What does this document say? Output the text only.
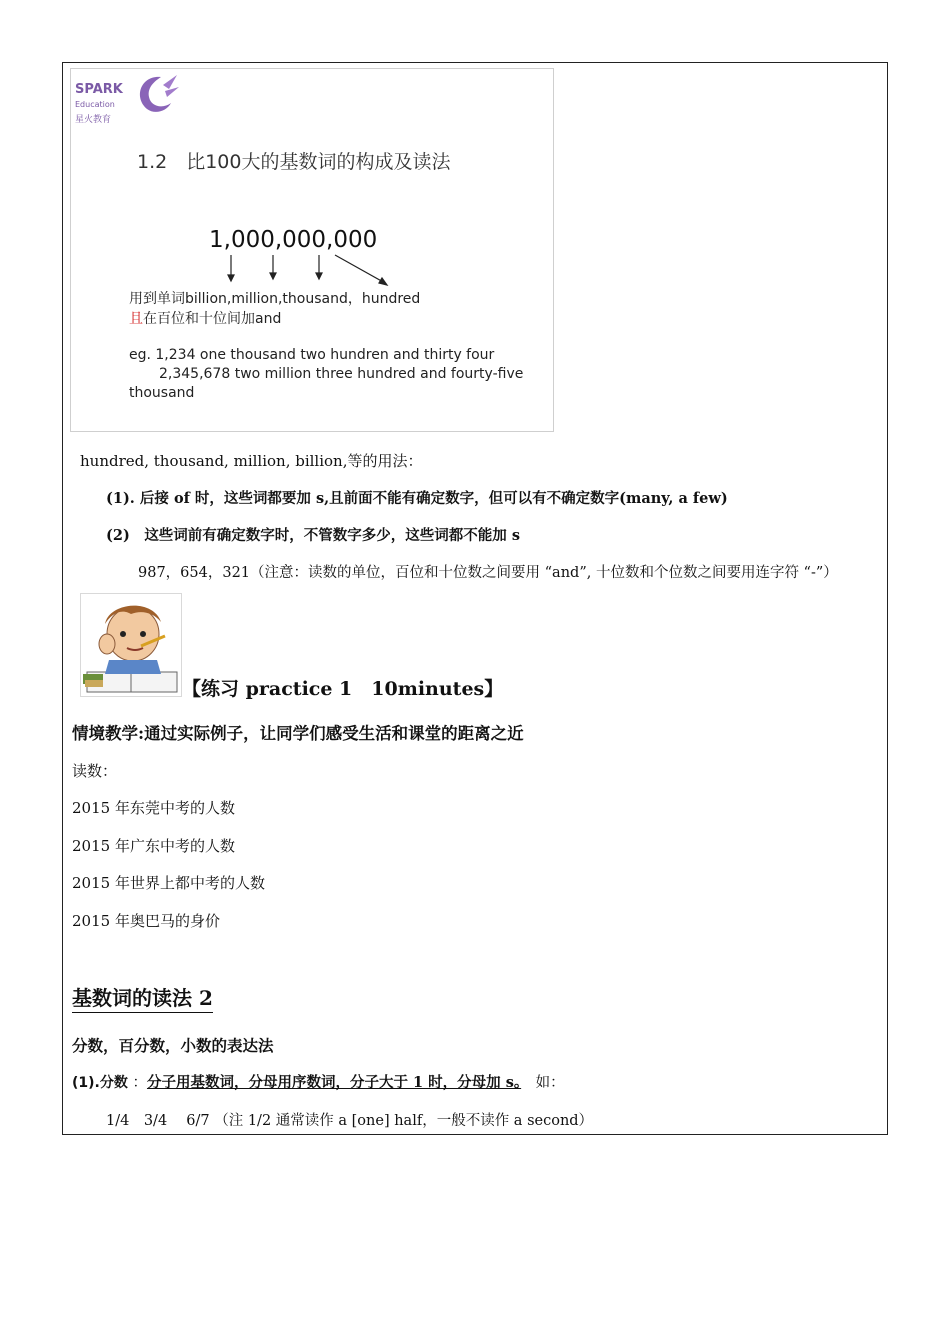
SPARK
Education
星火教育
1.2　比100大的基数词的构成及读法
1,000,000,000
用到单词billion,million,thousand，hundred
且在百位和十位间加and
eg. 1,234 one thousand two hundren and thirty four
2,345,678 two million three hundred and fourty-five
thousand
hundred, thousand, million, billion,等的用法：
(1). 后接 of 时，这些词都要加 s,且前面不能有确定数字，但可以有不确定数字(many, a few)
(2)　 这些词前有确定数字时，不管数字多少，这些词都不能加 s
987，654，321（注意：读数的单位，百位和十位数之间要用 “and”, 十位数和个位数之间要用连字符 “-”）
【练习 practice 1　10minutes】
情境教学:通过实际例子，让同学们感受生活和课堂的距离之近
读数：
2015 年东莞中考的人数
2015 年广东中考的人数
2015 年世界上都中考的人数
2015 年奥巴马的身价
基数词的读法 2
分数，百分数，小数的表达法
(1).分数 ：分子用基数词，分母用序数词，分子大于 1 时，分母加 s。　 如：
1/4　3/4　 6/7 （注 1/2 通常读作 a [one] half，一般不读作 a second）
